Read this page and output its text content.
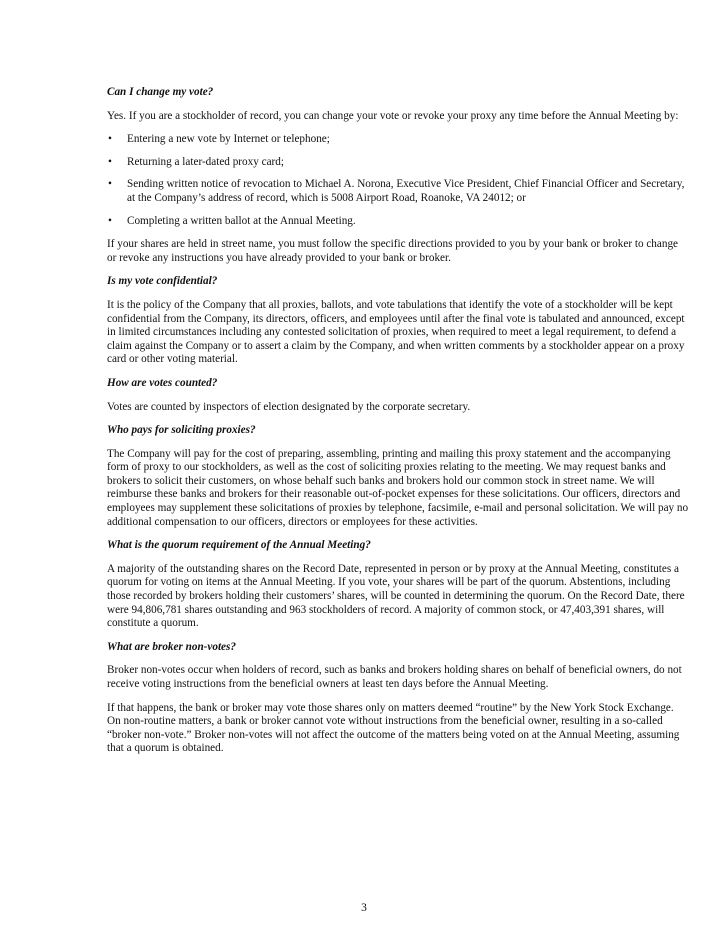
Can I change my vote?
Yes. If you are a stockholder of record, you can change your vote or revoke your proxy any time before the Annual Meeting by:
• Entering a new vote by Internet or telephone;
• Returning a later-dated proxy card;
• Sending written notice of revocation to Michael A. Norona, Executive Vice President, Chief Financial Officer and Secretary, at the Company’s address of record, which is 5008 Airport Road, Roanoke, VA 24012; or
• Completing a written ballot at the Annual Meeting.
If your shares are held in street name, you must follow the specific directions provided to you by your bank or broker to change or revoke any instructions you have already provided to your bank or broker.
Is my vote confidential?
It is the policy of the Company that all proxies, ballots, and vote tabulations that identify the vote of a stockholder will be kept confidential from the Company, its directors, officers, and employees until after the final vote is tabulated and announced, except in limited circumstances including any contested solicitation of proxies, when required to meet a legal requirement, to defend a claim against the Company or to assert a claim by the Company, and when written comments by a stockholder appear on a proxy card or other voting material.
How are votes counted?
Votes are counted by inspectors of election designated by the corporate secretary.
Who pays for soliciting proxies?
The Company will pay for the cost of preparing, assembling, printing and mailing this proxy statement and the accompanying form of proxy to our stockholders, as well as the cost of soliciting proxies relating to the meeting. We may request banks and brokers to solicit their customers, on whose behalf such banks and brokers hold our common stock in street name. We will reimburse these banks and brokers for their reasonable out-of-pocket expenses for these solicitations. Our officers, directors and employees may supplement these solicitations of proxies by telephone, facsimile, e-mail and personal solicitation. We will pay no additional compensation to our officers, directors or employees for these activities.
What is the quorum requirement of the Annual Meeting?
A majority of the outstanding shares on the Record Date, represented in person or by proxy at the Annual Meeting, constitutes a quorum for voting on items at the Annual Meeting. If you vote, your shares will be part of the quorum. Abstentions, including those recorded by brokers holding their customers’ shares, will be counted in determining the quorum. On the Record Date, there were 94,806,781 shares outstanding and 963 stockholders of record. A majority of common stock, or 47,403,391 shares, will constitute a quorum.
What are broker non-votes?
Broker non-votes occur when holders of record, such as banks and brokers holding shares on behalf of beneficial owners, do not receive voting instructions from the beneficial owners at least ten days before the Annual Meeting.
If that happens, the bank or broker may vote those shares only on matters deemed “routine” by the New York Stock Exchange. On non-routine matters, a bank or broker cannot vote without instructions from the beneficial owner, resulting in a so-called “broker non-vote.” Broker non-votes will not affect the outcome of the matters being voted on at the Annual Meeting, assuming that a quorum is obtained.
3
